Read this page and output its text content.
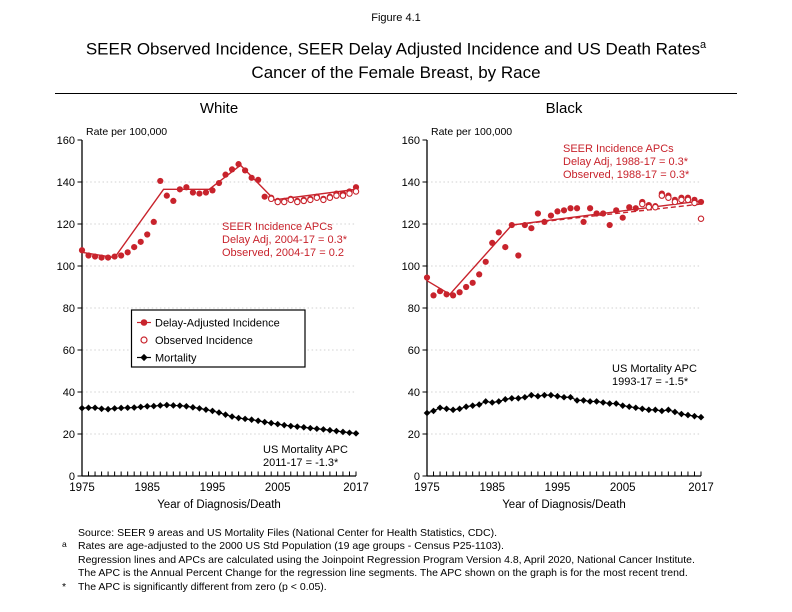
Figure 4.1
SEER Observed Incidence, SEER Delay Adjusted Incidence and US Death Rates$^a$
Cancer of the Female Breast, by Race
White	Black
1975	1985	1995	2005	2017
0
20
40
60
80
100
120
140
160
Rate per 100,000
Year of Diagnosis/Death
SEER Incidence APCs
Delay Adj, 2004-17 = 0.3*
Observed, 2004-17 = 0.2
US Mortality APC
2011-17 = -1.3*
Delay-Adjusted Incidence
Observed Incidence
Mortality
1975	1985	1995	2005	2017
0
20
40
60
80
100
120
140
160
Rate per 100,000
Year of Diagnosis/Death
SEER Incidence APCs
Delay Adj, 1988-17 = 0.3*
Observed, 1988-17 = 0.3*
US Mortality APC
1993-17 = -1.5*
Source: SEER 9 areas and US Mortality Files (National Center for Health Statistics, CDC).
a	Rates are age-adjusted to the 2000 US Std Population (19 age groups - Census P25-1103).
Regression lines and APCs are calculated using the Joinpoint Regression Program Version 4.8, April 2020, National Cancer Institute.
The APC is the Annual Percent Change for the regression line segments. The APC shown on the graph is for the most recent trend.
*	The APC is significantly different from zero (p < 0.05).
